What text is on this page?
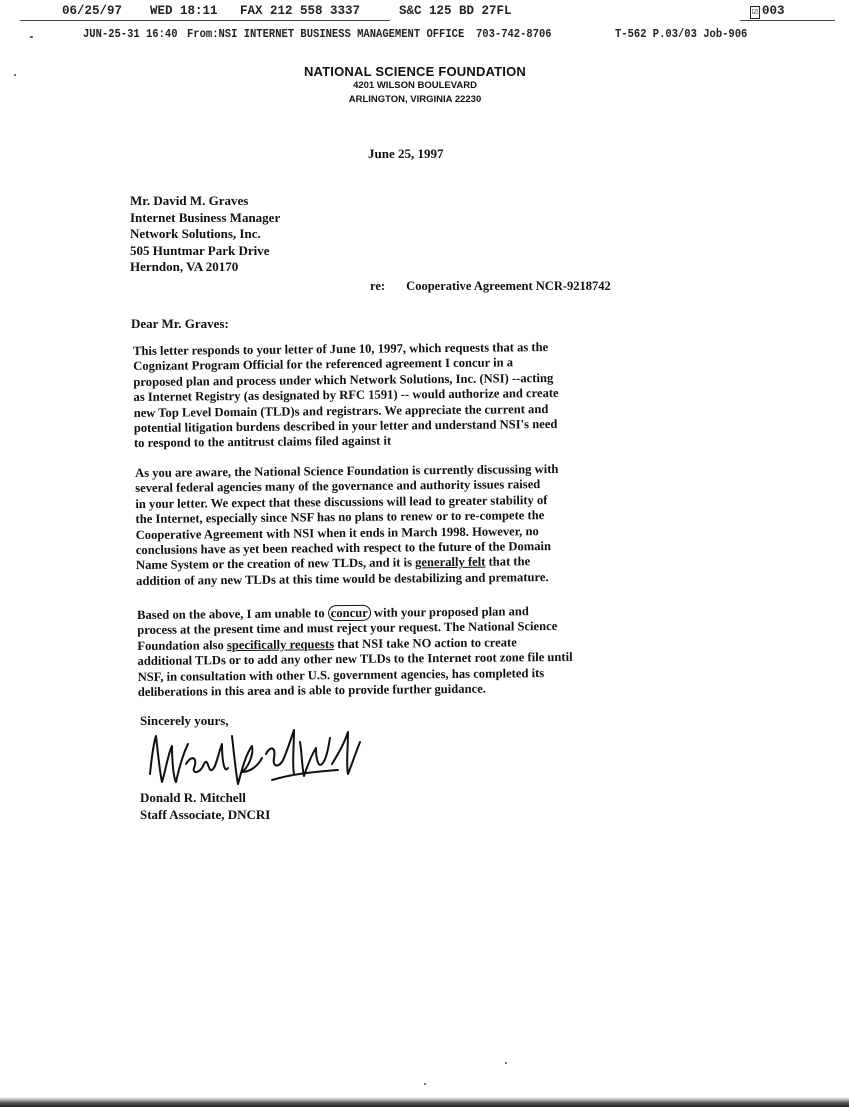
06/25/97 WED 18:11 FAX 212 558 3337	S&C 125 BD 27FL	☑ 003
JUN-25-31 16:40 From:NSI INTERNET BUSINESS MANAGEMENT OFFICE 703-742-8706	T-562 P.03/03 Job-906
NATIONAL SCIENCE FOUNDATION
4201 WILSON BOULEVARD
ARLINGTON, VIRGINIA 22230
June 25, 1997
Mr. David M. Graves
Internet Business Manager
Network Solutions, Inc.
505 Huntmar Park Drive
Herndon, VA 20170
re: Cooperative Agreement NCR-9218742
Dear Mr. Graves:
This letter responds to your letter of June 10, 1997, which requests that as the
Cognizant Program Official for the referenced agreement I concur in a
proposed plan and process under which Network Solutions, Inc. (NSI) --acting
as Internet Registry (as designated by RFC 1591) -- would authorize and create
new Top Level Domain (TLD)s and registrars. We appreciate the current and
potential litigation burdens described in your letter and understand NSI's need
to respond to the antitrust claims filed against it
As you are aware, the National Science Foundation is currently discussing with
several federal agencies many of the governance and authority issues raised
in your letter. We expect that these discussions will lead to greater stability of
the Internet, especially since NSF has no plans to renew or to re-compete the
Cooperative Agreement with NSI when it ends in March 1998. However, no
conclusions have as yet been reached with respect to the future of the Domain
Name System or the creation of new TLDs, and it is generally felt that the
addition of any new TLDs at this time would be destabilizing and premature.
Based on the above, I am unable to concur with your proposed plan and
process at the present time and must reject your request. The National Science
Foundation also specifically requests that NSI take NO action to create
additional TLDs or to add any other new TLDs to the Internet root zone file until
NSF, in consultation with other U.S. government agencies, has completed its
deliberations in this area and is able to provide further guidance.
Sincerely yours,
Donald R. Mitchell
Staff Associate, DNCRI
